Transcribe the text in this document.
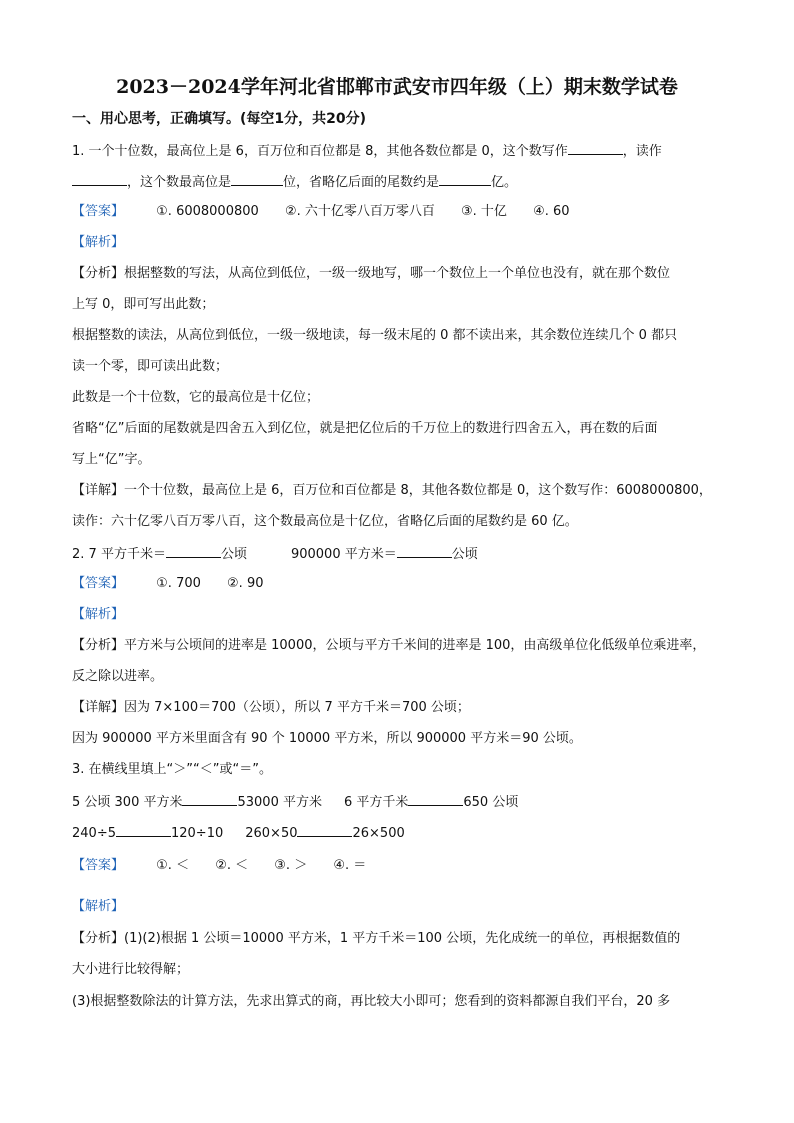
2023－2024学年河北省邯郸市武安市四年级（上）期末数学试卷
一、用心思考，正确填写。(每空1分，共20分)
1. 一个十位数，最高位上是 6，百万位和百位都是 8，其他各数位都是 0，这个数写作	，读作
，这个数最高位是	位，省略亿后面的尾数约是	亿。
【答案】 ①. 6008000800 ②. 六十亿零八百万零八百 ③. 十亿 ④. 60
【解析】
【分析】根据整数的写法，从高位到低位，一级一级地写，哪一个数位上一个单位也没有，就在那个数位
上写 0，即可写出此数；
根据整数的读法，从高位到低位，一级一级地读，每一级末尾的 0 都不读出来，其余数位连续几个 0 都只
读一个零，即可读出此数；
此数是一个十位数，它的最高位是十亿位；
省略“亿”后面的尾数就是四舍五入到亿位，就是把亿位后的千万位上的数进行四舍五入，再在数的后面
写上“亿”字。
【详解】一个十位数，最高位上是 6，百万位和百位都是 8，其他各数位都是 0，这个数写作：6008000800，
读作：六十亿零八百万零八百，这个数最高位是十亿位，省略亿后面的尾数约是 60 亿。
2. 7 平方千米＝	公顷	900000 平方米＝	公顷
【答案】 ①. 700 ②. 90
【解析】
【分析】平方米与公顷间的进率是 10000，公顷与平方千米间的进率是 100，由高级单位化低级单位乘进率，
反之除以进率。
【详解】因为 7×100＝700（公顷），所以 7 平方千米＝700 公顷；
因为 900000 平方米里面含有 90 个 10000 平方米，所以 900000 平方米＝90 公顷。
3. 在横线里填上“＞”“＜”或“＝”。
5 公顷 300 平方米	53000 平方米 6 平方千米	650 公顷
240÷5	120÷10 260×50	26×500
【答案】 ①. ＜ ②. ＜ ③. ＞ ④. ＝
【解析】
【分析】(1)(2)根据 1 公顷＝10000 平方米，1 平方千米＝100 公顷，先化成统一的单位，再根据数值的
大小进行比较得解；
(3)根据整数除法的计算方法，先求出算式的商，再比较大小即可；您看到的资料都源自我们平台，20 多
